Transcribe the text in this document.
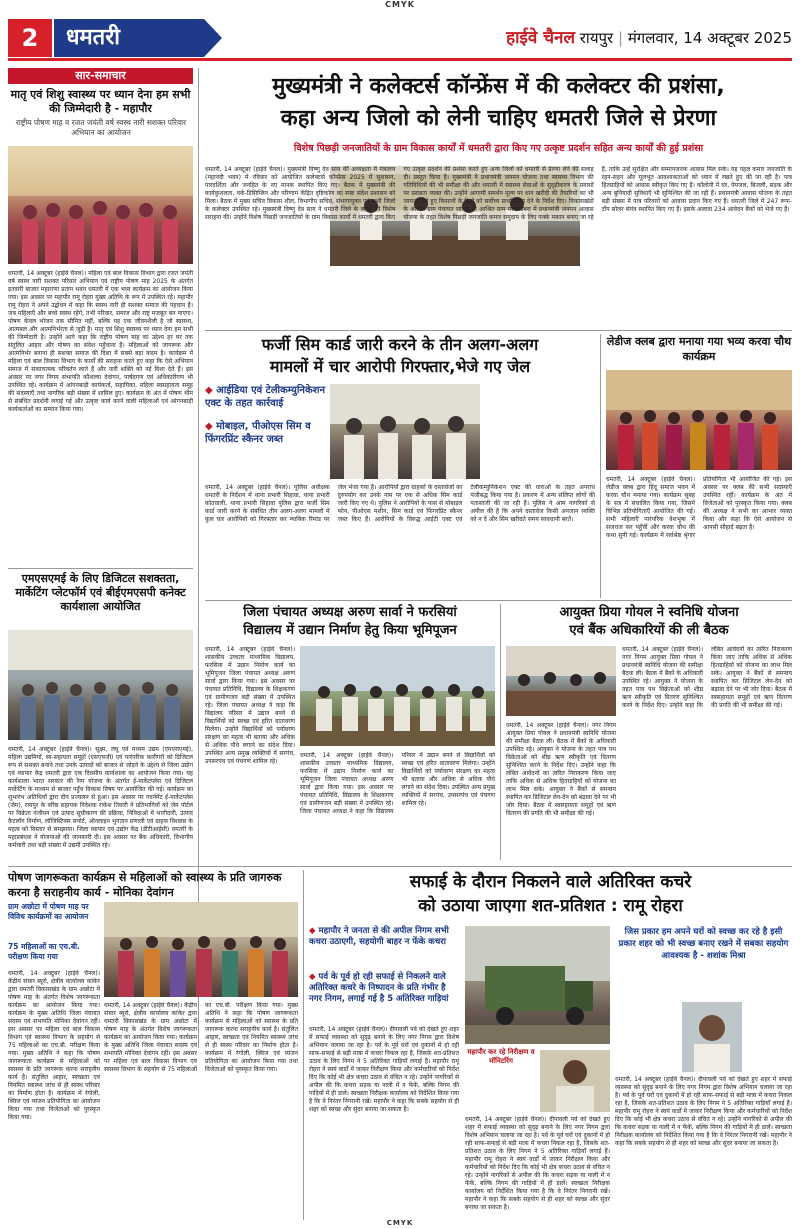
CMYK
2	धमतरी	हाईवे चैनल रायपुर | मंगलवार, 14 अक्टूबर 2025
सार-समाचार
मातृ एवं शिशु स्वास्थ्य पर ध्यान देना हम सभी की जिम्मेदारी है - महापौर
राष्ट्रीय पोषण माह व रजत जयंती वर्ष स्वस्थ नारी सशक्त परिवार अभियान का आयोजन
धमतरी, 14 अक्टूबर (हाईवे चैनल)। महिला एवं बाल विकास विभाग द्वारा रजत जयंती वर्ष स्वस्थ नारी सशक्त परिवार अभियान एवं राष्ट्रीय पोषण माह 2025 के अंतर्गत इतवारी बाजार महाराणा प्रताप भवन धमतरी में एक भव्य कार्यक्रम का आयोजन किया गया। इस अवसर पर महापौर रामू रोहरा मुख्य अतिथि के रूप में उपस्थित रहे। महापौर रामू रोहरा ने अपने उद्बोधन में कहा कि स्वस्थ नारी ही सशक्त समाज की पहचान है। जब महिलाएँ और बच्चे स्वस्थ रहेंगे, तभी परिवार, समाज और राष्ट्र मजबूत बन पाएगा। पोषण केवल भोजन तक सीमित नहीं, बल्कि यह एक जीवनशैली है जो स्वास्थ्य, आत्मबल और आत्मनिर्भरता से जुड़ी है। मातृ एवं शिशु स्वास्थ्य पर ध्यान देना हम सभी की जिम्मेदारी है। उन्होंने आगे कहा कि राष्ट्रीय पोषण माह का उद्देश्य हर घर तक संतुलित आहार और पोषण का संदेश पहुँचाना है। महिलाओं को जागरूक और आत्मनिर्भर बनाना ही सशक्त समाज की दिशा में सबसे बड़ा कदम है। कार्यक्रम में महिला एवं बाल विकास विभाग के कार्यों की सराहना करते हुए कहा कि ऐसे अभियान समाज में सकारात्मक परिवर्तन लाते हैं और नारी शक्ति को नई दिशा देते हैं। इस अवसर पर नगर निगम सभापति कौशल्या देवांगन, पार्षदगण एवं अधिकारीगण भी उपस्थित रहे। कार्यक्रम में आंगनबाड़ी कार्यकर्ता, सहायिका, महिला स्वसहायता समूह की सदस्याएँ तथा नागरिक बड़ी संख्या में शामिल हुए। कार्यक्रम के अंत में पोषण थीम से संबंधित प्रदर्शनी लगाई गई और उत्कृष्ट कार्य करने वाली महिलाओं एवं आंगनबाड़ी कार्यकर्ताओं का सम्मान किया गया।
एमएसएमई के लिए डिजिटल सशक्तता, मार्केटिंग प्लेटफॉर्म एवं बीईएमएसपी कनेक्ट कार्यशाला आयोजित
धमतरी, 14 अक्टूबर (हाईवे चैनल)। सूक्ष्म, लघु एवं मध्यम उद्यम (एमएसएमई), महिला उद्यमियों, स्व-सहायता समूहों (एसएचजी) एवं पारंपरिक कारीगरों को डिजिटल रूप से सशक्त बनाने तथा उनके उत्पादों को बाजार से जोड़ने के उद्देश्य से जिला उद्योग एवं व्यापार केंद्र धमतरी द्वारा एक दिवसीय कार्यशाला का आयोजन किया गया। यह कार्यशाला भारत सरकार की रैम्प योजना के अंतर्गत ई-मार्केटप्लेस एवं डिजिटल मार्केटिंग के माध्यम से बाजार पहुँच विकास विषय पर आयोजित की गई। कार्यक्रम का शुभारंभ अतिथियों द्वारा दीप प्रज्वलन से हुआ। इस अवसर पर गवर्नमेंट ई-मार्केटप्लेस (जेम), रायपुर के वरिष्ठ सहायक निदेशक राकेश तिवारी ने प्रतिभागियों को जेम पोर्टल पर विक्रेता पंजीयन एवं उत्पाद सूचीकरण की प्रक्रिया, निविदाओं में भागीदारी, उत्पाद कैटलॉग निर्माण, लॉजिस्टिक्स सपोर्ट, ऑनलाइन भुगतान प्रणाली एवं ग्राहक विश्वास के महत्व को विस्तार से समझाया। जिला व्यापार एवं उद्योग केंद्र (डीटीआईसी) धमतरी के महाप्रबंधक ने योजनाओं की जानकारी दी। इस अवसर पर बैंक अधिकारी, विभागीय कर्मचारी तथा बड़ी संख्या में उद्यमी उपस्थित रहे।
मुख्यमंत्री ने कलेक्टर्स कॉन्फ्रेंस में की कलेक्टर की प्रशंसा,
कहा अन्य जिलो को लेनी चाहिए धमतरी जिले से प्रेरणा
विशेष पिछड़ी जनजातियों के ग्राम विकास कार्यों में धमतरी द्वारा किए गए उत्कृष्ट प्रदर्शन सहित अन्य कार्यों की हुई प्रशंसा
धमतरी, 14 अक्टूबर (हाईवे चैनल)। मुख्यमंत्री विष्णु देव साय की अध्यक्षता में मंत्रालय (महानदी भवन) में रविवार को आयोजित कलेक्टर्स कॉन्फ्रेंस 2025 में सुशासन, पारदर्शिता और जनहित के नए मानक स्थापित किए गए। बैठक में मुख्यमंत्री की कार्यकुशलता, वर्क-डिसिप्लिन और परिणाम केंद्रित दृष्टिकोण का स्पष्ट संदेश प्रशासन को मिला। बैठक में मुख्य सचिव विकास शील, विभागीय सचिव, संभागायुक्त एवं सभी जिलों के कलेक्टर उपस्थित रहे। मुख्यमंत्री विष्णु देव साय ने धमतरी जिले के कार्यों की विशेष सराहना की। उन्होंने विशेष पिछड़ी जनजातियों के ग्राम विकास कार्यों में धमतरी द्वारा किए गए उत्कृष्ट प्रदर्शन की प्रशंसा करते हुए अन्य जिलों को धमतरी से प्रेरणा लेने की सलाह दी। प्रस्तुत किया है। मुख्यमंत्री ने प्रधानमंत्री जनमन योजना तथा स्वास्थ्य विभाग की गतिविधियों की भी समीक्षा की और धमतरी में स्वास्थ्य सेवाओं के सुदृढ़ीकरण के प्रयासों पर प्रसन्नता व्यक्त की। उन्होंने आगामी समर्थन मूल्य पर धान खरीदी की तैयारियों का भी जायजा लेते हुए किसानों के हितों को सर्वोच्च प्राथमिकता देने के निर्देश दिए। विकासखंडों के अंतर्गत ग्राम पंचायत सांकरा के आश्रित ग्राम मसानडबरा में प्रधानमंत्री जनमन आवास योजना के तहत विशेष पिछड़ी जनजाति कमार समुदाय के लिए पक्के मकान बनाए जा रहे हैं, ताकि उन्हें सुरक्षित और सम्मानजनक आवास मिल सके। यह पहल कमार जनजाति के रहन-सहन और मूलभूत आवश्यकताओं को ध्यान में रखते हुए की जा रही है। पात्र हितग्राहियों को आवास स्वीकृत किए गए हैं। कॉलोनी में घर, पेयजल, बिजली, सड़क और अन्य बुनियादी सुविधाएँ भी सुनिश्चित की जा रही हैं। प्रधानमंत्री आवास योजना के तहत बड़ी संख्या में पात्र परिवारों को आवास प्रदान किए गए हैं। धमतरी जिले में 247 रूफ-टॉप सोलर संयंत्र स्थापित किए गए हैं। इसके अलावा 234 आवेदन बैंकों को भेजे गए हैं।
फर्जी सिम कार्ड जारी करने के तीन अलग-अलग
मामलों में चार आरोपी गिरफ्तार,भेजे गए जेल
◆ आईडिया एवं टेलीकम्युनिकेशन एक्ट के तहत कार्रवाई
◆ मोबाइल, पीओएस सिम व फिंगरप्रिंट स्कैनर जब्त
धमतरी, 14 अक्टूबर (हाईवे चैनल)। पुलिस अधीक्षक धमतरी के निर्देशन में थाना प्रभारी सिहावा, थाना प्रभारी कोतवाली, थाना प्रभारी सिहावा पुलिस द्वारा फर्जी सिम कार्ड जारी करने के संबंधित तीन अलग-अलग मामलों में कुल चार आरोपियों को गिरफ्तार कर न्यायिक रिमांड पर जेल भेजा गया है। आरोपियों द्वारा ग्राहकों के दस्तावेजों का दुरुपयोग कर उनके नाम पर एक से अधिक सिम कार्ड जारी किए गए थे। पुलिस ने आरोपियों के पास से मोबाइल फोन, पीओएस मशीन, सिम कार्ड एवं फिंगरप्रिंट स्कैनर जब्त किए हैं। आरोपियों के विरुद्ध आईटी एक्ट एवं टेलीकम्युनिकेशन एक्ट की धाराओं के तहत अपराध पंजीबद्ध किया गया है। प्रकरण में अन्य संलिप्त लोगों की पतासाजी की जा रही है। पुलिस ने आम नागरिकों से अपील की है कि अपने दस्तावेज किसी अनजान व्यक्ति को न दें और सिम खरीदते समय सावधानी बरतें।
लेडीज क्लब द्वारा मनाया गया भव्य करवा चौथ कार्यक्रम
धमतरी, 14 अक्टूबर (हाईवे चैनल)। लेडीज क्लब द्वारा हिंदू समाज भवन में करवा चौथ मनाया गया। कार्यक्रम सुबह के सत्र में संचालित किया गया, जिसमें विभिन्न प्रतियोगिताएँ आयोजित की गईं। सभी महिलाएँ पारंपरिक वेशभूषा में सजधज कर पहुँचीं और करवा चौथ की कथा सुनी गई। कार्यक्रम में सर्वश्रेष्ठ श्रृंगार प्रतियोगिता भी आयोजित की गई। इस अवसर पर क्लब की सभी सदस्याएँ उपस्थित रहीं। कार्यक्रम के अंत में विजेताओं को पुरस्कृत किया गया। क्लब की अध्यक्ष ने सभी का आभार व्यक्त किया और कहा कि ऐसे आयोजन से आपसी सौहार्द बढ़ता है।
जिला पंचायत अध्यक्ष अरुण सार्वा ने फरसियां
विद्यालय में उद्यान निर्माण हेतु किया भूमिपूजन
धमतरी, 14 अक्टूबर (हाईवे चैनल)। शासकीय उच्चतर माध्यमिक विद्यालय, फरसिया में उद्यान निर्माण कार्य का भूमिपूजन जिला पंचायत अध्यक्ष अरुण सार्वा द्वारा किया गया। इस अवसर पर पंचायत प्रतिनिधि, विद्यालय के शिक्षकगण एवं ग्रामीणजन बड़ी संख्या में उपस्थित रहे। जिला पंचायत अध्यक्ष ने कहा कि विद्यालय परिसर में उद्यान बनने से विद्यार्थियों को स्वच्छ एवं हरित वातावरण मिलेगा। उन्होंने विद्यार्थियों को पर्यावरण संरक्षण का महत्व भी बताया और अधिक से अधिक पौधे लगाने का संदेश दिया। उपस्थित अन्य प्रमुख व्यक्तियों में सरपंच, उपसरपंच एवं पंचगण शामिल रहे।
धमतरी, 14 अक्टूबर (हाईवे चैनल)। शासकीय उच्चतर माध्यमिक विद्यालय, फरसिया में उद्यान निर्माण कार्य का भूमिपूजन जिला पंचायत अध्यक्ष अरुण सार्वा द्वारा किया गया। इस अवसर पर पंचायत प्रतिनिधि, विद्यालय के शिक्षकगण एवं ग्रामीणजन बड़ी संख्या में उपस्थित रहे। जिला पंचायत अध्यक्ष ने कहा कि विद्यालय परिसर में उद्यान बनने से विद्यार्थियों को स्वच्छ एवं हरित वातावरण मिलेगा। उन्होंने विद्यार्थियों को पर्यावरण संरक्षण का महत्व भी बताया और अधिक से अधिक पौधे लगाने का संदेश दिया। उपस्थित अन्य प्रमुख व्यक्तियों में सरपंच, उपसरपंच एवं पंचगण शामिल रहे।
आयुक्त प्रिया गोयल ने स्वनिधि योजना
एवं बैंक अधिकारियों की ली बैठक
धमतरी, 14 अक्टूबर (हाईवे चैनल)। नगर निगम आयुक्त प्रिया गोयल ने प्रधानमंत्री स्वनिधि योजना की समीक्षा बैठक ली। बैठक में बैंकों के अधिकारी उपस्थित रहे। आयुक्त ने योजना के तहत पात्र पथ विक्रेताओं को शीघ्र ऋण स्वीकृति एवं वितरण सुनिश्चित करने के निर्देश दिए। उन्होंने कहा कि लंबित आवेदनों का त्वरित निराकरण किया जाए ताकि अधिक से अधिक हितग्राहियों को योजना का लाभ मिल सके। आयुक्त ने बैंकों से समन्वय स्थापित कर डिजिटल लेन-देन को बढ़ावा देने पर भी जोर दिया। बैठक में स्वसहायता समूहों एवं ऋण वितरण की प्रगति की भी समीक्षा की गई।
धमतरी, 14 अक्टूबर (हाईवे चैनल)। नगर निगम आयुक्त प्रिया गोयल ने प्रधानमंत्री स्वनिधि योजना की समीक्षा बैठक ली। बैठक में बैंकों के अधिकारी उपस्थित रहे। आयुक्त ने योजना के तहत पात्र पथ विक्रेताओं को शीघ्र ऋण स्वीकृति एवं वितरण सुनिश्चित करने के निर्देश दिए। उन्होंने कहा कि लंबित आवेदनों का त्वरित निराकरण किया जाए ताकि अधिक से अधिक हितग्राहियों को योजना का लाभ मिल सके। आयुक्त ने बैंकों से समन्वय स्थापित कर डिजिटल लेन-देन को बढ़ावा देने पर भी जोर दिया। बैठक में स्वसहायता समूहों एवं ऋण वितरण की प्रगति की भी समीक्षा की गई।
पोषण जागरूकता कार्यक्रम से महिलाओं को स्वास्थ्य के प्रति जागरुक करना है सराहनीय कार्य - मोनिका देवांगन
ग्राम अछोटा में पोषण माह पर विविध कार्यक्रमों का आयोजन
75 महिलाओं का एच.बी. परीक्षण किया गया
धमतरी, 14 अक्टूबर (हाईवे चैनल)। केंद्रीय संचार ब्यूरो, क्षेत्रीय कार्यालय कांकेर द्वारा धमतरी विकासखंड के ग्राम अछोटा में पोषण माह के अंतर्गत विशेष जागरूकता कार्यक्रम का आयोजन किया गया। कार्यक्रम के मुख्य अतिथि जिला पंचायत सदस्य एवं सभापति मोनिका देवांगन रहीं। इस अवसर पर महिला एवं बाल विकास विभाग एवं स्वास्थ्य विभाग के सहयोग से 75 महिलाओं का एच.बी. परीक्षण किया गया। मुख्य अतिथि ने कहा कि पोषण जागरूकता कार्यक्रम से महिलाओं को स्वास्थ्य के प्रति जागरूक करना सराहनीय कार्य है। संतुलित आहार, स्वच्छता एवं नियमित स्वास्थ्य जांच से ही स्वस्थ परिवार का निर्माण होता है। कार्यक्रम में रंगोली, क्विज एवं व्यंजन प्रतियोगिता का आयोजन किया गया तथा विजेताओं को पुरस्कृत किया गया।
धमतरी, 14 अक्टूबर (हाईवे चैनल)। केंद्रीय संचार ब्यूरो, क्षेत्रीय कार्यालय कांकेर द्वारा धमतरी विकासखंड के ग्राम अछोटा में पोषण माह के अंतर्गत विशेष जागरूकता कार्यक्रम का आयोजन किया गया। कार्यक्रम के मुख्य अतिथि जिला पंचायत सदस्य एवं सभापति मोनिका देवांगन रहीं। इस अवसर पर महिला एवं बाल विकास विभाग एवं स्वास्थ्य विभाग के सहयोग से 75 महिलाओं का एच.बी. परीक्षण किया गया। मुख्य अतिथि ने कहा कि पोषण जागरूकता कार्यक्रम से महिलाओं को स्वास्थ्य के प्रति जागरूक करना सराहनीय कार्य है। संतुलित आहार, स्वच्छता एवं नियमित स्वास्थ्य जांच से ही स्वस्थ परिवार का निर्माण होता है। कार्यक्रम में रंगोली, क्विज एवं व्यंजन प्रतियोगिता का आयोजन किया गया तथा विजेताओं को पुरस्कृत किया गया।
सफाई के दौरान निकलने वाले अतिरिक्त कचरे
को उठाया जाएगा शत-प्रतिशत : रामू रोहरा
◆ महापौर ने जनता से की अपील निगम सभी कचरा उठाएगी, सहयोगी बाहर न फेंके कचरा
◆ पर्व के पूर्व हो रही सफाई से निकलने वाले अतिरिक्त कचरे के निष्पादन के प्रति गंभीर है नगर निगम, लगाई गई है 5 अतिरिक्त गाड़ियां
जिस प्रकार हम अपने घरों को स्वच्छ कर रहे है इसी प्रकार शहर को भी स्वच्छ बनाए रखने में सबका सहयोग आवश्यक है - शशांक मिश्रा
महापौर कर रहे निरीक्षण व मॉनिटरिंग
धमतरी, 14 अक्टूबर (हाईवे चैनल)। दीपावली पर्व को देखते हुए शहर में सफाई व्यवस्था को सुदृढ़ बनाने के लिए नगर निगम द्वारा विशेष अभियान चलाया जा रहा है। पर्व के पूर्व घरों एवं दुकानों में हो रही साफ-सफाई से बड़ी मात्रा में कचरा निकल रहा है, जिसके शत-प्रतिशत उठाव के लिए निगम ने 5 अतिरिक्त गाड़ियाँ लगाई हैं। महापौर रामू रोहरा ने स्वयं वार्डों में जाकर निरीक्षण किया और कर्मचारियों को निर्देश दिए कि कोई भी क्षेत्र कचरा उठाव से वंचित न रहे। उन्होंने नागरिकों से अपील की कि कचरा सड़क या नाली में न फेंकें, बल्कि निगम की गाड़ियों में ही डालें। स्वच्छता निरीक्षक कार्यालय को निर्देशित किया गया है कि वे निरंतर निगरानी रखें। महापौर ने कहा कि सबके सहयोग से ही शहर को स्वच्छ और सुंदर बनाया जा सकता है।
धमतरी, 14 अक्टूबर (हाईवे चैनल)। दीपावली पर्व को देखते हुए शहर में सफाई व्यवस्था को सुदृढ़ बनाने के लिए नगर निगम द्वारा विशेष अभियान चलाया जा रहा है। पर्व के पूर्व घरों एवं दुकानों में हो रही साफ-सफाई से बड़ी मात्रा में कचरा निकल रहा है, जिसके शत-प्रतिशत उठाव के लिए निगम ने 5 अतिरिक्त गाड़ियाँ लगाई हैं। महापौर रामू रोहरा ने स्वयं वार्डों में जाकर निरीक्षण किया और कर्मचारियों को निर्देश दिए कि कोई भी क्षेत्र कचरा उठाव से वंचित न रहे। उन्होंने नागरिकों से अपील की कि कचरा सड़क या नाली में न फेंकें, बल्कि निगम की गाड़ियों में ही डालें। स्वच्छता निरीक्षक कार्यालय को निर्देशित किया गया है कि वे निरंतर निगरानी रखें। महापौर ने कहा कि सबके सहयोग से ही शहर को स्वच्छ और सुंदर बनाया जा सकता है।
धमतरी, 14 अक्टूबर (हाईवे चैनल)। दीपावली पर्व को देखते हुए शहर में सफाई व्यवस्था को सुदृढ़ बनाने के लिए नगर निगम द्वारा विशेष अभियान चलाया जा रहा है। पर्व के पूर्व घरों एवं दुकानों में हो रही साफ-सफाई से बड़ी मात्रा में कचरा निकल रहा है, जिसके शत-प्रतिशत उठाव के लिए निगम ने 5 अतिरिक्त गाड़ियाँ लगाई हैं। महापौर रामू रोहरा ने स्वयं वार्डों में जाकर निरीक्षण किया और कर्मचारियों को निर्देश दिए कि कोई भी क्षेत्र कचरा उठाव से वंचित न रहे। उन्होंने नागरिकों से अपील की कि कचरा सड़क या नाली में न फेंकें, बल्कि निगम की गाड़ियों में ही डालें। स्वच्छता निरीक्षक कार्यालय को निर्देशित किया गया है कि वे निरंतर निगरानी रखें। महापौर ने कहा कि सबके सहयोग से ही शहर को स्वच्छ और सुंदर बनाया जा सकता है।
CMYK
